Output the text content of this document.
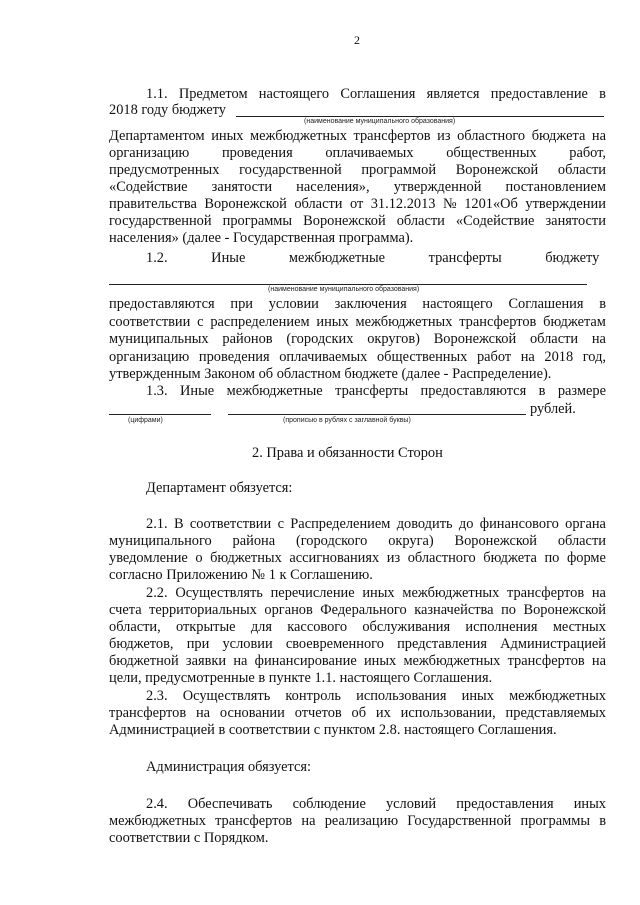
2
1.1. Предметом настоящего Соглашения является предоставление в
2018 году бюджету
(наименование муниципального образования)
Департаментом иных межбюджетных трансфертов из областного бюджета на
организацию проведения оплачиваемых общественных работ,
предусмотренных государственной программой Воронежской области
«Содействие занятости населения», утвержденной постановлением
правительства Воронежской области от 31.12.2013 № 1201«Об утверждении
государственной программы Воронежской области «Содействие занятости
населения» (далее - Государственная программа).
1.2. Иные межбюджетные трансферты бюджету
(наименование муниципального образования)
предоставляются при условии заключения настоящего Соглашения в
соответствии с распределением иных межбюджетных трансфертов бюджетам
муниципальных районов (городских округов) Воронежской области на
организацию проведения оплачиваемых общественных работ на 2018 год,
утвержденным Законом об областном бюджете (далее - Распределение).
1.3. Иные межбюджетные трансферты предоставляются в размере
рублей.
(цифрами)	(прописью в рублях с заглавной буквы)
2. Права и обязанности Сторон
Департамент обязуется:
2.1. В соответствии с Распределением доводить до финансового органа
муниципального района (городского округа) Воронежской области
уведомление о бюджетных ассигнованиях из областного бюджета по форме
согласно Приложению № 1 к Соглашению.
2.2. Осуществлять перечисление иных межбюджетных трансфертов на
счета территориальных органов Федерального казначейства по Воронежской
области, открытые для кассового обслуживания исполнения местных
бюджетов, при условии своевременного представления Администрацией
бюджетной заявки на финансирование иных межбюджетных трансфертов на
цели, предусмотренные в пункте 1.1. настоящего Соглашения.
2.3. Осуществлять контроль использования иных межбюджетных
трансфертов на основании отчетов об их использовании, представляемых
Администрацией в соответствии с пунктом 2.8. настоящего Соглашения.
Администрация обязуется:
2.4. Обеспечивать соблюдение условий предоставления иных
межбюджетных трансфертов на реализацию Государственной программы в
соответствии с Порядком.
